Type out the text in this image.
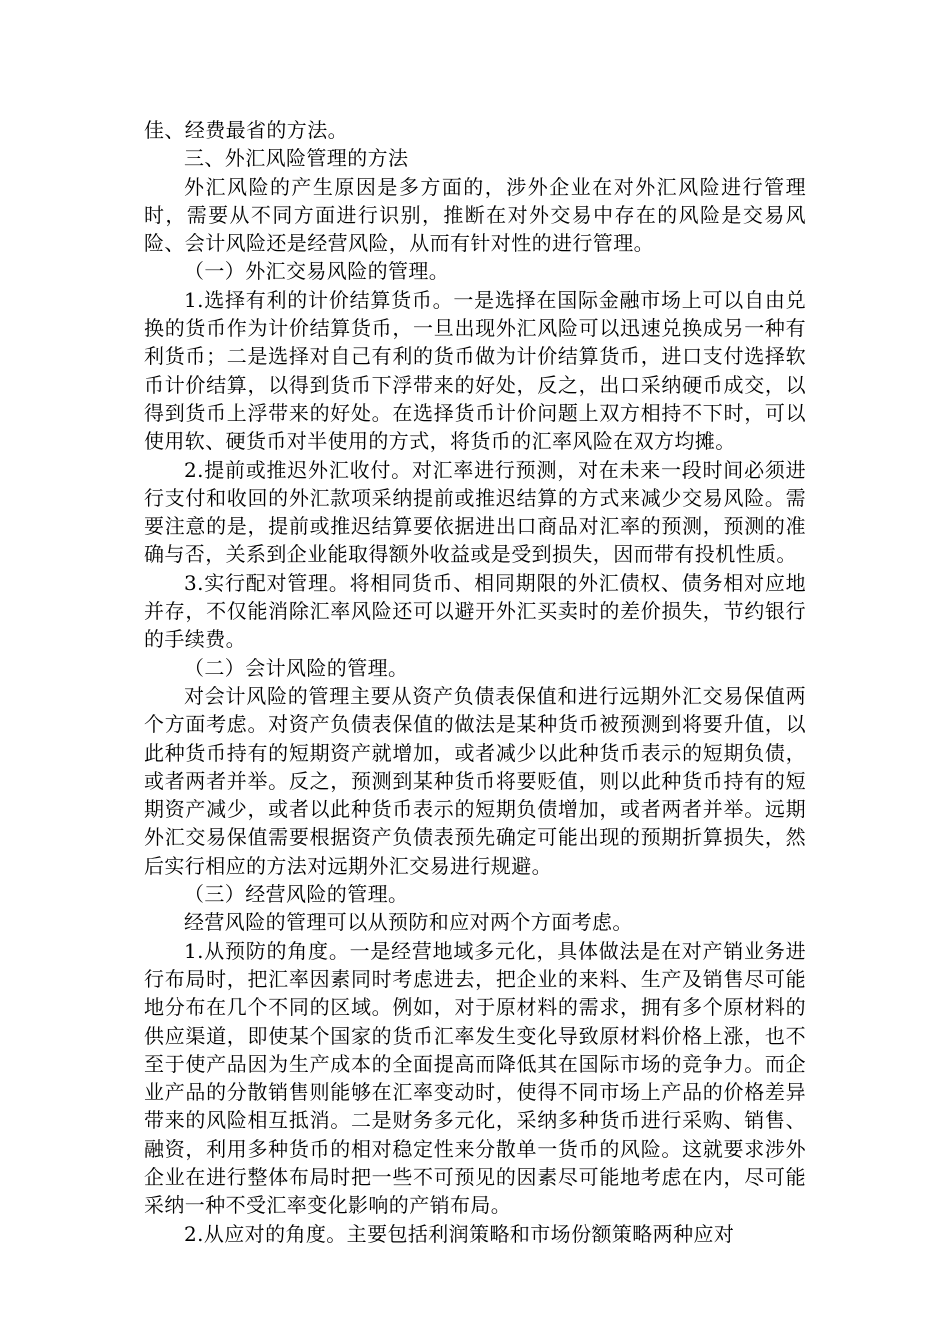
佳、经费最省的方法。

三、外汇风险管理的方法

外汇风险的产生原因是多方面的，涉外企业在对外汇风险进行管理时，需要从不同方面进行识别，推断在对外交易中存在的风险是交易风险、会计风险还是经营风险，从而有针对性的进行管理。

（一）外汇交易风险的管理。

1.选择有利的计价结算货币。一是选择在国际金融市场上可以自由兑换的货币作为计价结算货币，一旦出现外汇风险可以迅速兑换成另一种有利货币；二是选择对自己有利的货币做为计价结算货币，进口支付选择软币计价结算，以得到货币下浮带来的好处，反之，出口采纳硬币成交，以得到货币上浮带来的好处。在选择货币计价问题上双方相持不下时，可以使用软、硬货币对半使用的方式，将货币的汇率风险在双方均摊。

2.提前或推迟外汇收付。对汇率进行预测，对在未来一段时间必须进行支付和收回的外汇款项采纳提前或推迟结算的方式来减少交易风险。需要注意的是，提前或推迟结算要依据进出口商品对汇率的预测，预测的准确与否，关系到企业能取得额外收益或是受到损失，因而带有投机性质。

3.实行配对管理。将相同货币、相同期限的外汇债权、债务相对应地并存，不仅能消除汇率风险还可以避开外汇买卖时的差价损失，节约银行的手续费。

（二）会计风险的管理。

对会计风险的管理主要从资产负债表保值和进行远期外汇交易保值两个方面考虑。对资产负债表保值的做法是某种货币被预测到将要升值，以此种货币持有的短期资产就增加，或者减少以此种货币表示的短期负债，或者两者并举。反之，预测到某种货币将要贬值，则以此种货币持有的短期资产减少，或者以此种货币表示的短期负债增加，或者两者并举。远期外汇交易保值需要根据资产负债表预先确定可能出现的预期折算损失，然后实行相应的方法对远期外汇交易进行规避。

（三）经营风险的管理。

经营风险的管理可以从预防和应对两个方面考虑。

1.从预防的角度。一是经营地域多元化，具体做法是在对产销业务进行布局时，把汇率因素同时考虑进去，把企业的来料、生产及销售尽可能地分布在几个不同的区域。例如，对于原材料的需求，拥有多个原材料的供应渠道，即使某个国家的货币汇率发生变化导致原材料价格上涨，也不至于使产品因为生产成本的全面提高而降低其在国际市场的竞争力。而企业产品的分散销售则能够在汇率变动时，使得不同市场上产品的价格差异带来的风险相互抵消。二是财务多元化，采纳多种货币进行采购、销售、融资，利用多种货币的相对稳定性来分散单一货币的风险。这就要求涉外企业在进行整体布局时把一些不可预见的因素尽可能地考虑在内，尽可能采纳一种不受汇率变化影响的产销布局。

2.从应对的角度。主要包括利润策略和市场份额策略两种应对
